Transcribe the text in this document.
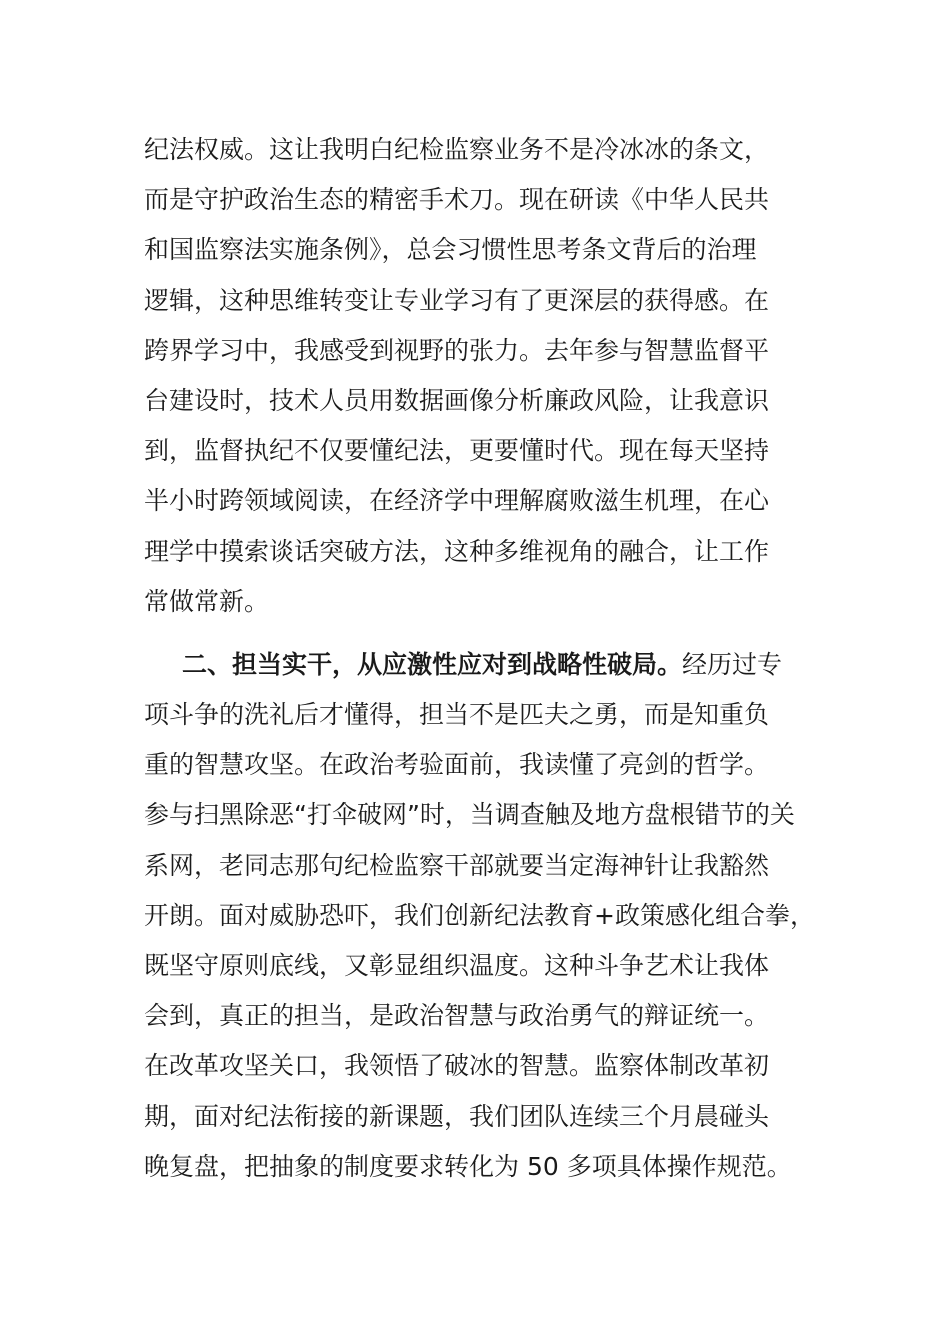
纪法权威。这让我明白纪检监察业务不是冷冰冰的条文，
而是守护政治生态的精密手术刀。现在研读《中华人民共
和国监察法实施条例》，总会习惯性思考条文背后的治理
逻辑，这种思维转变让专业学习有了更深层的获得感。在
跨界学习中，我感受到视野的张力。去年参与智慧监督平
台建设时，技术人员用数据画像分析廉政风险，让我意识
到，监督执纪不仅要懂纪法，更要懂时代。现在每天坚持
半小时跨领域阅读，在经济学中理解腐败滋生机理，在心
理学中摸索谈话突破方法，这种多维视角的融合，让工作
常做常新。
二、担当实干，从应激性应对到战略性破局。经历过专
项斗争的洗礼后才懂得，担当不是匹夫之勇，而是知重负
重的智慧攻坚。在政治考验面前，我读懂了亮剑的哲学。
参与扫黑除恶“打伞破网”时，当调查触及地方盘根错节的关
系网，老同志那句纪检监察干部就要当定海神针让我豁然
开朗。面对威胁恐吓，我们创新纪法教育+政策感化组合拳，
既坚守原则底线，又彰显组织温度。这种斗争艺术让我体
会到，真正的担当，是政治智慧与政治勇气的辩证统一。
在改革攻坚关口，我领悟了破冰的智慧。监察体制改革初
期，面对纪法衔接的新课题，我们团队连续三个月晨碰头
晚复盘，把抽象的制度要求转化为 50 多项具体操作规范。
